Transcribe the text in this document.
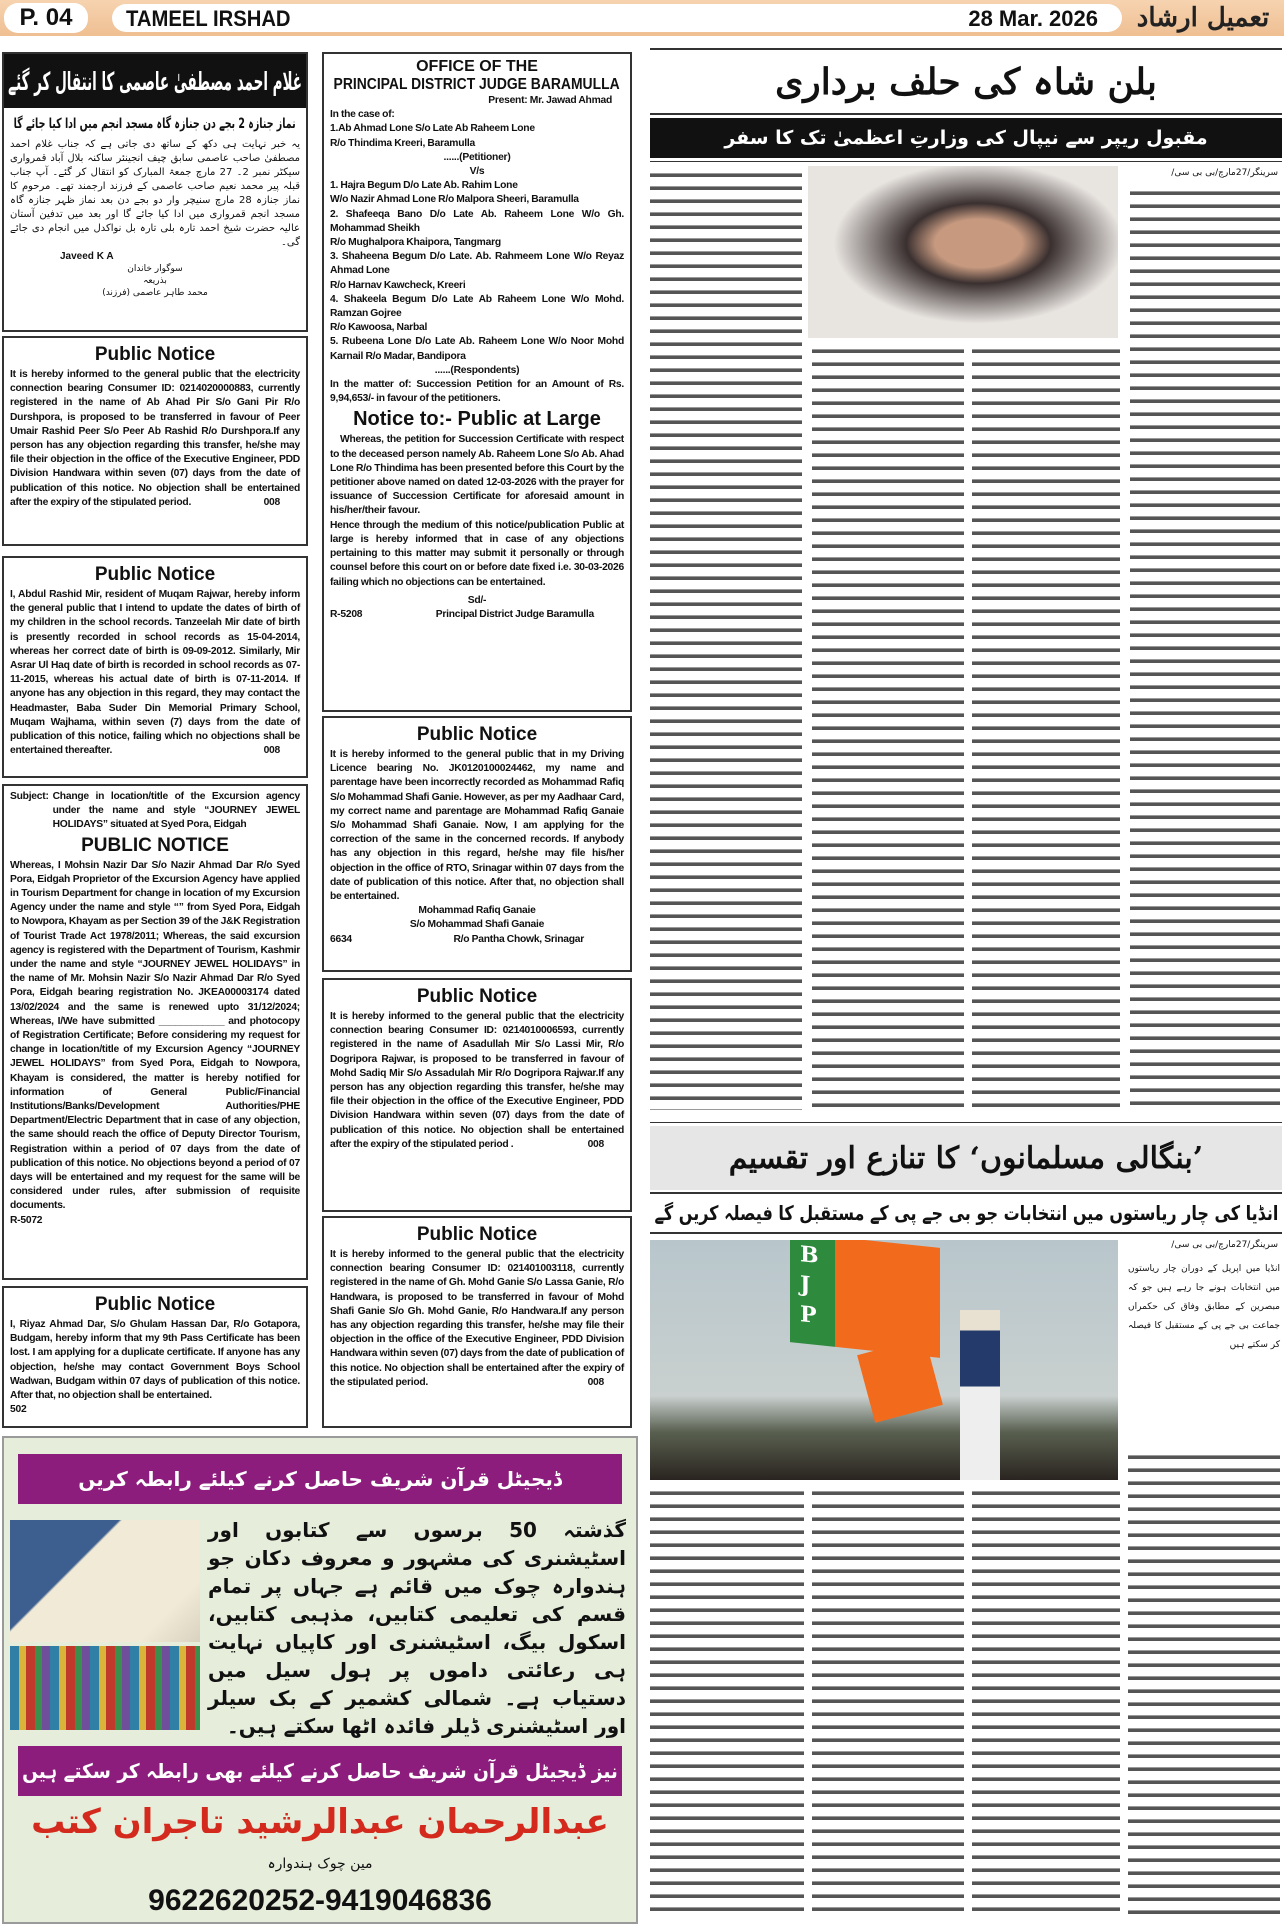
P. 04	TAMEEL IRSHAD	28 Mar. 2026 تعمیل ارشاد
غلام احمد مصطفیٰ عاصمی کا انتقال کر گئے
نماز جنازہ 2 بجے دن جنازہ گاہ مسجد انجم میں ادا کیا جائے گا
یہ خبر نہایت ہی دکھ کے ساتھ دی جاتی ہے کہ جناب غلام احمد مصطفیٰ صاحب عاصمی سابق چیف انجینئر ساکنہ بلال آباد قمرواری سیکٹر نمبر 2۔ 27 مارچ جمعۃ المبارک کو انتقال کر گئے۔ آپ جناب قبلہ پیر محمد نعیم صاحب عاصمی کے فرزند ارجمند تھے۔ مرحوم کا نماز جنازہ 28 مارچ سنیچر وار دو بجے دن بعد نماز ظہر جنازہ گاہ مسجد انجم قمرواری میں ادا کیا جائے گا اور بعد میں تدفین آستان عالیہ حضرت شیخ احمد تارہ بلی تارہ بل نواکدل میں انجام دی جائے گی۔
Javeed K A
سوگوار خاندان
بذریعہ
محمد طاہر عاصمی (فرزند)
Public Notice
It is hereby informed to the general public that the electricity connection bearing Consumer ID: 0214020000883, currently registered in the name of Ab Ahad Pir S/o Gani Pir R/o Durshpora, is proposed to be transferred in favour of Peer Umair Rashid Peer S/o Peer Ab Rashid R/o Durshpora.If any person has any objection regarding this transfer, he/she may file their objection in the office of the Executive Engineer, PDD Division Handwara within seven (07) days from the date of publication of this notice. No objection shall be entertained after the expiry of the stipulated period.	008
Public Notice
I, Abdul Rashid Mir, resident of Muqam Rajwar, hereby inform the general public that I intend to update the dates of birth of my children in the school records. Tanzeelah Mir date of birth is presently recorded in school records as 15-04-2014, whereas her correct date of birth is 09-09-2012. Similarly, Mir Asrar Ul Haq date of birth is recorded in school records as 07-11-2015, whereas his actual date of birth is 07-11-2014. If anyone has any objection in this regard, they may contact the Headmaster, Baba Suder Din Memorial Primary School, Muqam Wajhama, within seven (7) days from the date of publication of this notice, failing which no objections shall be entertained thereafter.	008
Subject: Change in location/title of the Excursion agency under the name and style “JOURNEY JEWEL HOLIDAYS” situated at Syed Pora, Eidgah
PUBLIC NOTICE
Whereas, I Mohsin Nazir Dar S/o Nazir Ahmad Dar R/o Syed Pora, Eidgah Proprietor of the Excursion Agency have applied in Tourism Department for change in location of my Excursion Agency under the name and style “” from Syed Pora, Eidgah to Nowpora, Khayam as per Section 39 of the J&K Registration of Tourist Trade Act 1978/2011; Whereas, the said excursion agency is registered with the Department of Tourism, Kashmir under the name and style “JOURNEY JEWEL HOLIDAYS” in the name of Mr. Mohsin Nazir S/o Nazir Ahmad Dar R/o Syed Pora, Eidgah bearing registration No. JKEA00003174 dated 13/02/2024 and the same is renewed upto 31/12/2024; Whereas, I/We have submitted ____________ and photocopy of Registration Certificate; Before considering my request for change in location/title of my Excursion Agency “JOURNEY JEWEL HOLIDAYS” from Syed Pora, Eidgah to Nowpora, Khayam is considered, the matter is hereby notified for information of General Public/Financial Institutions/Banks/Development Authorities/PHE Department/Electric Department that in case of any objection, the same should reach the office of Deputy Director Tourism, Registration within a period of 07 days from the date of publication of this notice. No objections beyond a period of 07 days will be entertained and my request for the same will be considered under rules, after submission of requisite documents.
R-5072
Public Notice
I, Riyaz Ahmad Dar, S/o Ghulam Hassan Dar, R/o Gotapora, Budgam, hereby inform that my 9th Pass Certificate has been lost. I am applying for a duplicate certificate. If anyone has any objection, he/she may contact Government Boys School Wadwan, Budgam within 07 days of publication of this notice. After that, no objection shall be entertained.
502
OFFICE OF THE
PRINCIPAL DISTRICT JUDGE BARAMULLA
Present: Mr. Jawad Ahmad
In the case of:
1.Ab Ahmad Lone S/o Late Ab Raheem Lone
R/o Thindima Kreeri, Baramulla
......(Petitioner)
V/s
1. Hajra Begum D/o Late Ab. Rahim Lone
W/o Nazir Ahmad Lone R/o Malpora Sheeri, Baramulla
2. Shafeeqa Bano D/o Late Ab. Raheem Lone W/o Gh. Mohammad Sheikh
R/o Mughalpora Khaipora, Tangmarg
3. Shaheena Begum D/o Late. Ab. Rahmeem Lone W/o Reyaz Ahmad Lone
R/o Harnav Kawcheck, Kreeri
4. Shakeela Begum D/o Late Ab Raheem Lone W/o Mohd. Ramzan Gojree
R/o Kawoosa, Narbal
5. Rubeena Lone D/o Late Ab. Raheem Lone W/o Noor Mohd Karnail R/o Madar, Bandipora
......(Respondents)
In the matter of: Succession Petition for an Amount of Rs. 9,94,653/- in favour of the petitioners.
Notice to:- Public at Large
Whereas, the petition for Succession Certificate with respect to the deceased person namely Ab. Raheem Lone S/o Ab. Ahad Lone R/o Thindima has been presented before this Court by the petitioner above named on dated 12-03-2026 with the prayer for issuance of Succession Certificate for aforesaid amount in his/her/their favour.
Hence through the medium of this notice/publication Public at large is hereby informed that in case of any objections pertaining to this matter may submit it personally or through counsel before this court on or before date fixed i.e. 30-03-2026 failing which no objections can be entertained.
Sd/-
R-5208	Principal District Judge Baramulla
Public Notice
It is hereby informed to the general public that in my Driving Licence bearing No. JK0120100024462, my name and parentage have been incorrectly recorded as Mohammad Rafiq S/o Mohammad Shafi Ganie. However, as per my Aadhaar Card, my correct name and parentage are Mohammad Rafiq Ganaie S/o Mohammad Shafi Ganaie. Now, I am applying for the correction of the same in the concerned records. If anybody has any objection in this regard, he/she may file his/her objection in the office of RTO, Srinagar within 07 days from the date of publication of this notice. After that, no objection shall be entertained.
Mohammad Rafiq Ganaie
S/o Mohammad Shafi Ganaie
6634	R/o Pantha Chowk, Srinagar
Public Notice
It is hereby informed to the general public that the electricity connection bearing Consumer ID: 0214010006593, currently registered in the name of Asadullah Mir S/o Lassi Mir, R/o Dogripora Rajwar, is proposed to be transferred in favour of Mohd Sadiq Mir S/o Assadulah Mir R/o Dogripora Rajwar.If any person has any objection regarding this transfer, he/she may file their objection in the office of the Executive Engineer, PDD Division Handwara within seven (07) days from the date of publication of this notice. No objection shall be entertained after the expiry of the stipulated period .	008
Public Notice
It is hereby informed to the general public that the electricity connection bearing Consumer ID: 021401003118, currently registered in the name of Gh. Mohd Ganie S/o Lassa Ganie, R/o Handwara, is proposed to be transferred in favour of Mohd Shafi Ganie S/o Gh. Mohd Ganie, R/o Handwara.If any person has any objection regarding this transfer, he/she may file their objection in the office of the Executive Engineer, PDD Division Handwara within seven (07) days from the date of publication of this notice. No objection shall be entertained after the expiry of the stipulated period.	008
ڈیجیٹل قرآن شریف حاصل کرنے کیلئے رابطہ کریں
گذشتہ 50 برسوں سے کتابوں اور اسٹیشنری کی مشہور و معروف دکان جو ہندوارہ چوک میں قائم ہے جہاں پر تمام قسم کی تعلیمی کتابیں، مذہبی کتابیں، اسکول بیگ، اسٹیشنری اور کاپیاں نہایت ہی رعائتی داموں پر ہول سیل میں دستیاب ہے۔ شمالی کشمیر کے بک سیلر اور اسٹیشنری ڈیلر فائدہ اٹھا سکتے ہیں۔
نیز ڈیجیٹل قرآن شریف حاصل کرنے کیلئے بھی رابطہ کر سکتے ہیں
عبدالرحمان عبدالرشید تاجران کتب
مین چوک ہندوارہ
9622620252-9419046836
بلن شاہ کی حلف برداری
مقبول ریپر سے نیپال کی وزارتِ اعظمیٰ تک کا سفر
سرینگر/27مارچ/بی بی سی/
’بنگالی مسلمانوں‘ کا تنازع اور تقسیم
انڈیا کی چار ریاستوں میں انتخابات جو بی جے پی کے مستقبل کا فیصلہ کریں گے
سرینگر/27مارچ/بی بی سی/
انڈیا میں اپریل کے دوران چار ریاستوں میں انتخابات ہونے جا رہے ہیں جو کہ مبصرین کے مطابق وفاق کی حکمراں جماعت بی جے پی کے مستقبل کا فیصلہ کر سکتے ہیں
BJP
